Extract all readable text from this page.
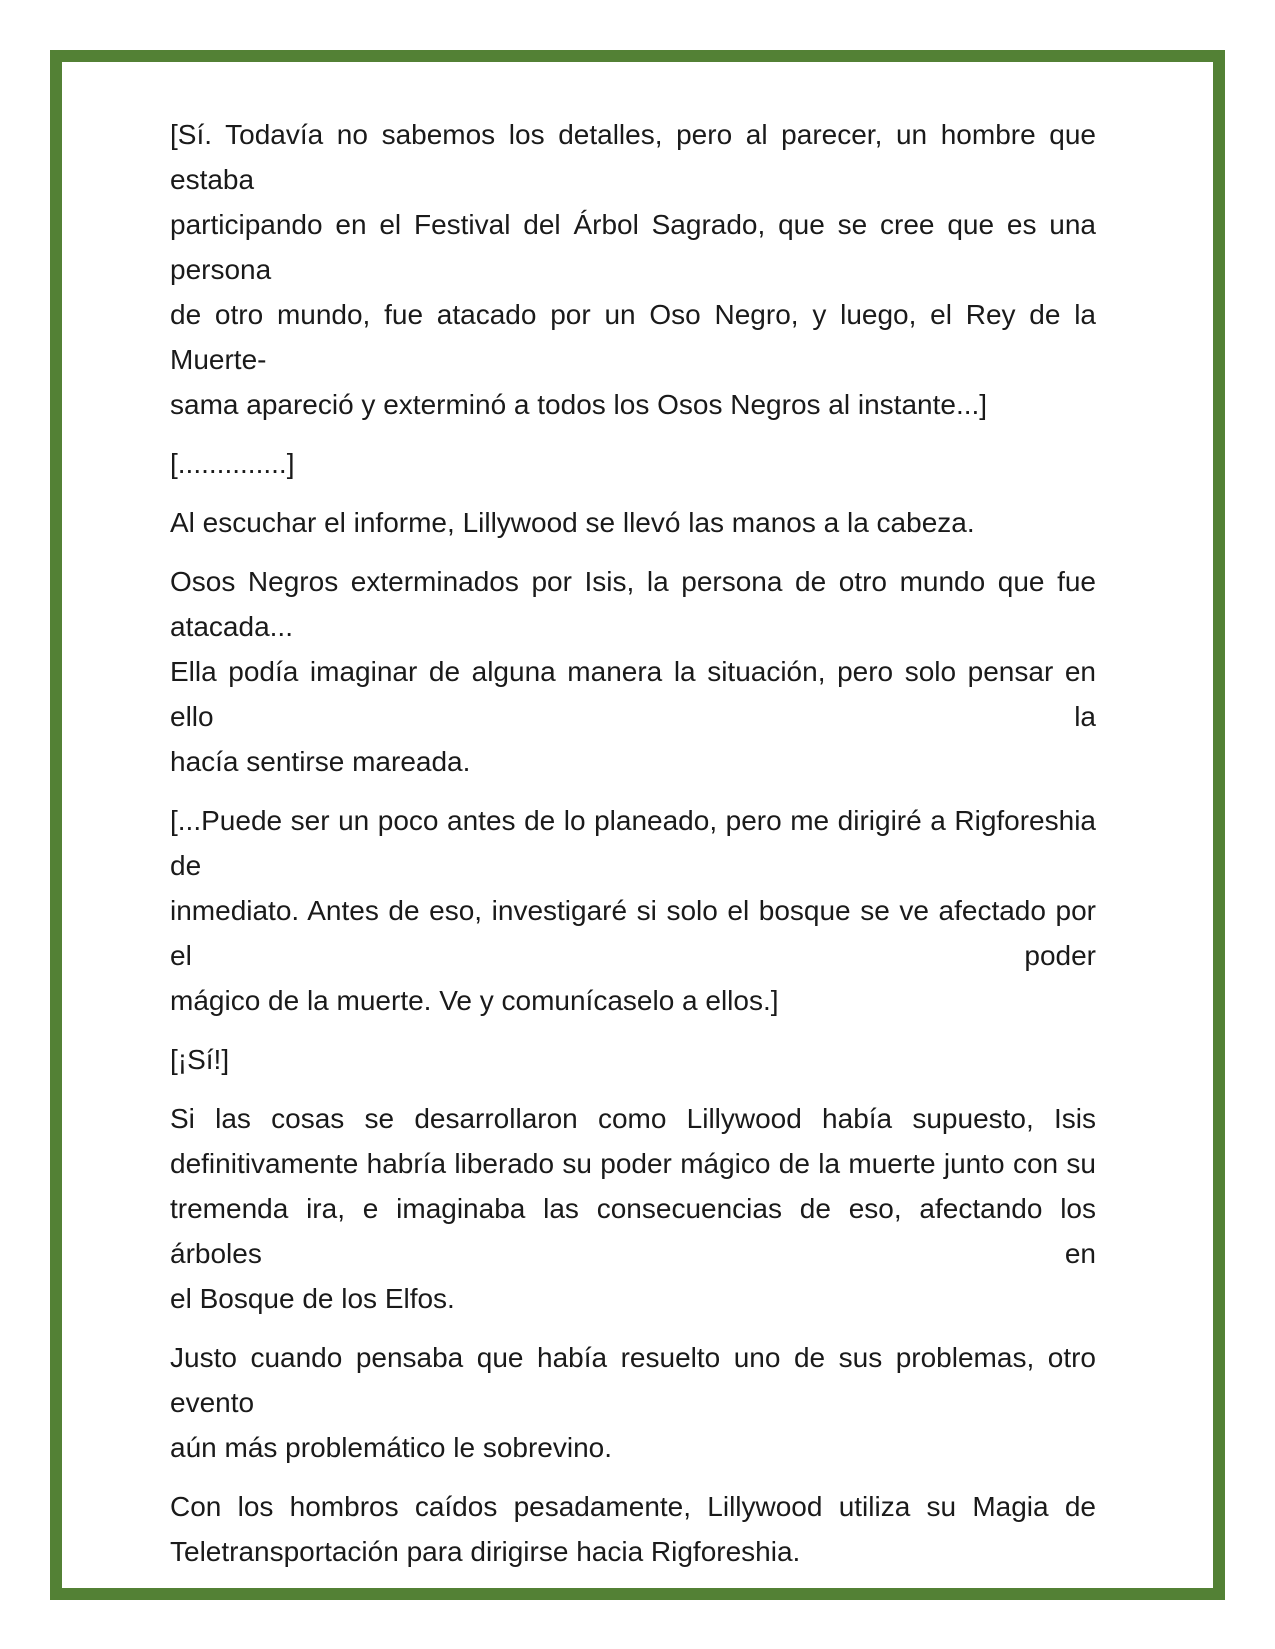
[Sí. Todavía no sabemos los detalles, pero al parecer, un hombre que estaba
participando en el Festival del Árbol Sagrado, que se cree que es una persona
de otro mundo, fue atacado por un Oso Negro, y luego, el Rey de la Muerte-
sama apareció y exterminó a todos los Osos Negros al instante...]

[..............]

Al escuchar el informe, Lillywood se llevó las manos a la cabeza.

Osos Negros exterminados por Isis, la persona de otro mundo que fue atacada...
Ella podía imaginar de alguna manera la situación, pero solo pensar en ello la
hacía sentirse mareada.

[...Puede ser un poco antes de lo planeado, pero me dirigiré a Rigforeshia de
inmediato. Antes de eso, investigaré si solo el bosque se ve afectado por el poder
mágico de la muerte. Ve y comunícaselo a ellos.]

[¡Sí!]

Si las cosas se desarrollaron como Lillywood había supuesto, Isis
definitivamente habría liberado su poder mágico de la muerte junto con su
tremenda ira, e imaginaba las consecuencias de eso, afectando los árboles en
el Bosque de los Elfos.

Justo cuando pensaba que había resuelto uno de sus problemas, otro evento
aún más problemático le sobrevino.

Con los hombros caídos pesadamente, Lillywood utiliza su Magia de
Teletransportación para dirigirse hacia Rigforeshia.
